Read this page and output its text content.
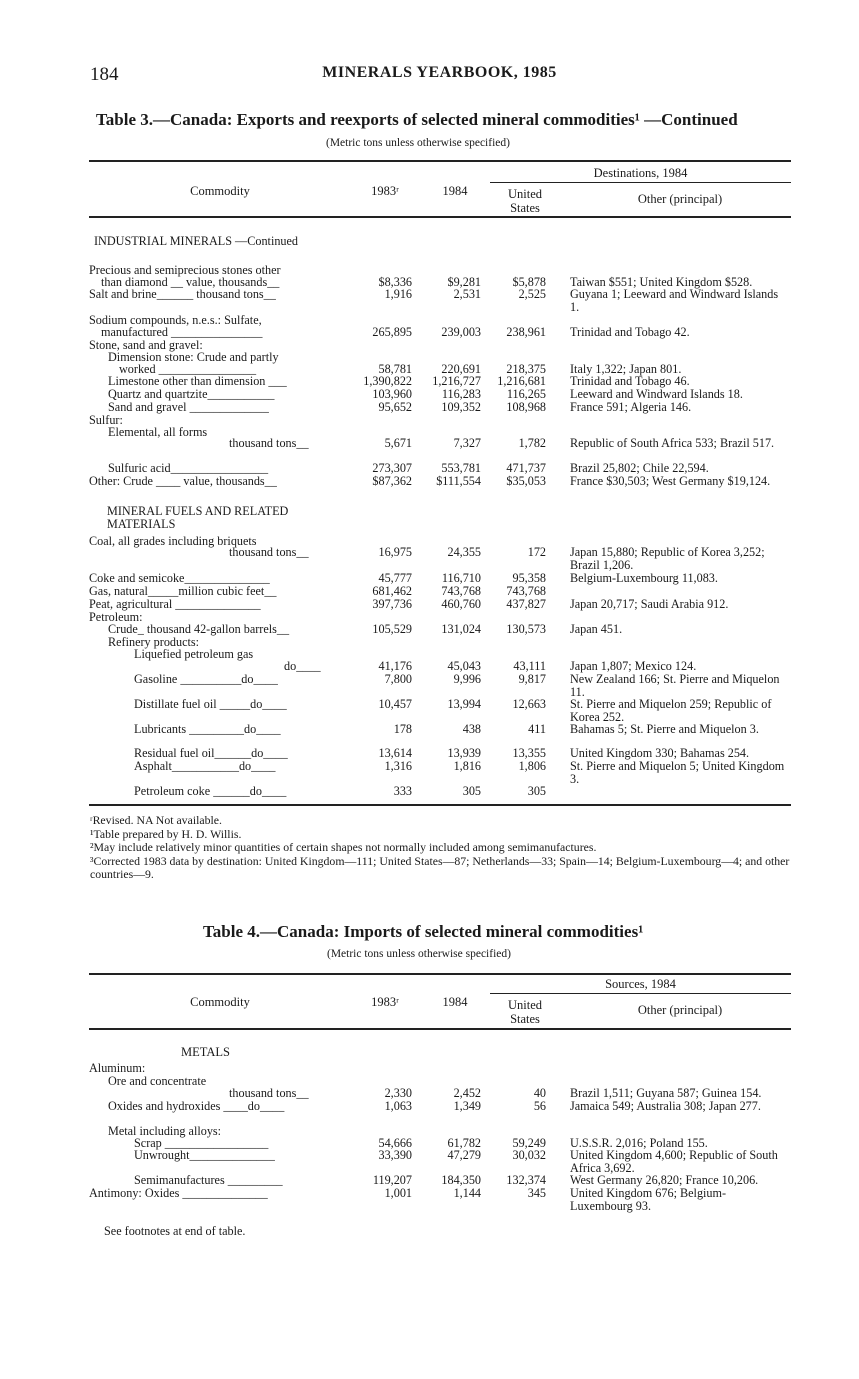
184	MINERALS YEARBOOK, 1985
Table 3.—Canada: Exports and reexports of selected mineral commodities¹ —Continued
(Metric tons unless otherwise specified)
Destinations, 1984
Commodity	1983ʳ	1984	United States
Other (principal)
INDUSTRIAL MINERALS —Continued
Precious and semiprecious stones other
than diamond __ value, thousands__	$8,336	$9,281	$5,878 Taiwan $551; United Kingdom $528.
Salt and brine______ thousand tons__	1,916	2,531	2,525 Guyana 1; Leeward and Windward Islands 1.
Sodium compounds, n.e.s.: Sulfate,
manufactured _______________	265,895 239,003 238,961 Trinidad and Tobago 42.
Stone, sand and gravel:
Dimension stone: Crude and partly
worked ________________	58,781 220,691 218,375 Italy 1,322; Japan 801.
Limestone other than dimension ___	1,390,822 1,216,727 1,216,681 Trinidad and Tobago 46.
Quartz and quartzite___________	103,960 116,283 116,265 Leeward and Windward Islands 18.
Sand and gravel _____________	95,652 109,352 108,968 France 591; Algeria 146.
Sulfur:
Elemental, all forms
thousand tons__	5,671	7,327	1,782 Republic of South Africa 533; Brazil 517.
Sulfuric acid________________	273,307 553,781 471,737 Brazil 25,802; Chile 22,594.
Other: Crude ____ value, thousands__	$87,362 $111,554 $35,053 France $30,503; West Germany $19,124.
MINERAL FUELS AND RELATED MATERIALS
Coal, all grades including briquets
thousand tons__	16,975	24,355	172 Japan 15,880; Republic of Korea 3,252; Brazil 1,206.
Coke and semicoke______________	45,777 116,710	95,358 Belgium-Luxembourg 11,083.
Gas, natural_____million cubic feet__	681,462 743,768 743,768
Peat, agricultural ______________	397,736 460,760 437,827 Japan 20,717; Saudi Arabia 912.
Petroleum:
Crude_ thousand 42-gallon barrels__	105,529 131,024 130,573 Japan 451.
Refinery products:
Liquefied petroleum gas
do____	41,176	45,043	43,111 Japan 1,807; Mexico 124.
Gasoline __________do____	7,800	9,996	9,817 New Zealand 166; St. Pierre and Miquelon 11.
Distillate fuel oil _____do____	10,457	13,994	12,663 St. Pierre and Miquelon 259; Republic of Korea 252.
Lubricants _________do____	178	438	411 Bahamas 5; St. Pierre and Miquelon 3.
Residual fuel oil______do____	13,614	13,939	13,355 United Kingdom 330; Bahamas 254.
Asphalt___________do____	1,316	1,816	1,806 St. Pierre and Miquelon 5; United Kingdom 3.
Petroleum coke ______do____	333	305	305

ʳRevised. NA Not available.

¹Table prepared by H. D. Willis.

²May include relatively minor quantities of certain shapes not normally included among semimanufactures.

³Corrected 1983 data by destination: United Kingdom—111; United States—87; Netherlands—33; Spain—14; Belgium-Luxembourg—4; and other countries—9.

Table 4.—Canada: Imports of selected mineral commodities¹
(Metric tons unless otherwise specified)
Sources, 1984
Commodity	1983ʳ	1984	United States
Other (principal)
METALS
Aluminum:
Ore and concentrate
thousand tons__	2,330	2,452	40 Brazil 1,511; Guyana 587; Guinea 154.
Oxides and hydroxides ____do____	1,063	1,349	56 Jamaica 549; Australia 308; Japan 277.
Metal including alloys:
Scrap _________________	54,666	61,782	59,249 U.S.S.R. 2,016; Poland 155.
Unwrought______________	33,390	47,279	30,032 United Kingdom 4,600; Republic of South Africa 3,692.
Semimanufactures _________	119,207 184,350 132,374 West Germany 26,820; France 10,206.
Antimony: Oxides ______________	1,001	1,144	345 United Kingdom 676; Belgium-Luxembourg 93.
See footnotes at end of table.
